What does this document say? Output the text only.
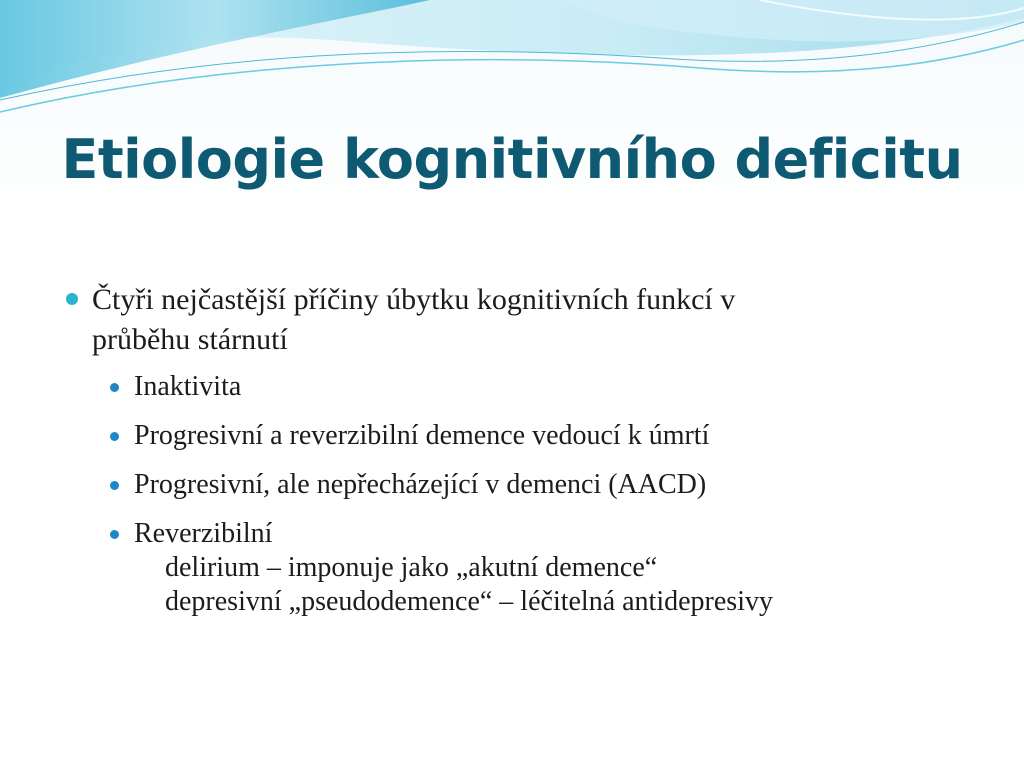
Etiologie kognitivního deficitu
Čtyři nejčastější příčiny úbytku kognitivních funkcí v
průběhu stárnutí
Inaktivita
Progresivní a reverzibilní demence vedoucí k úmrtí
Progresivní, ale nepřecházející v demenci (AACD)
Reverzibilní
delirium – imponuje jako „akutní demence“
depresivní „pseudodemence“ – léčitelná antidepresivy
